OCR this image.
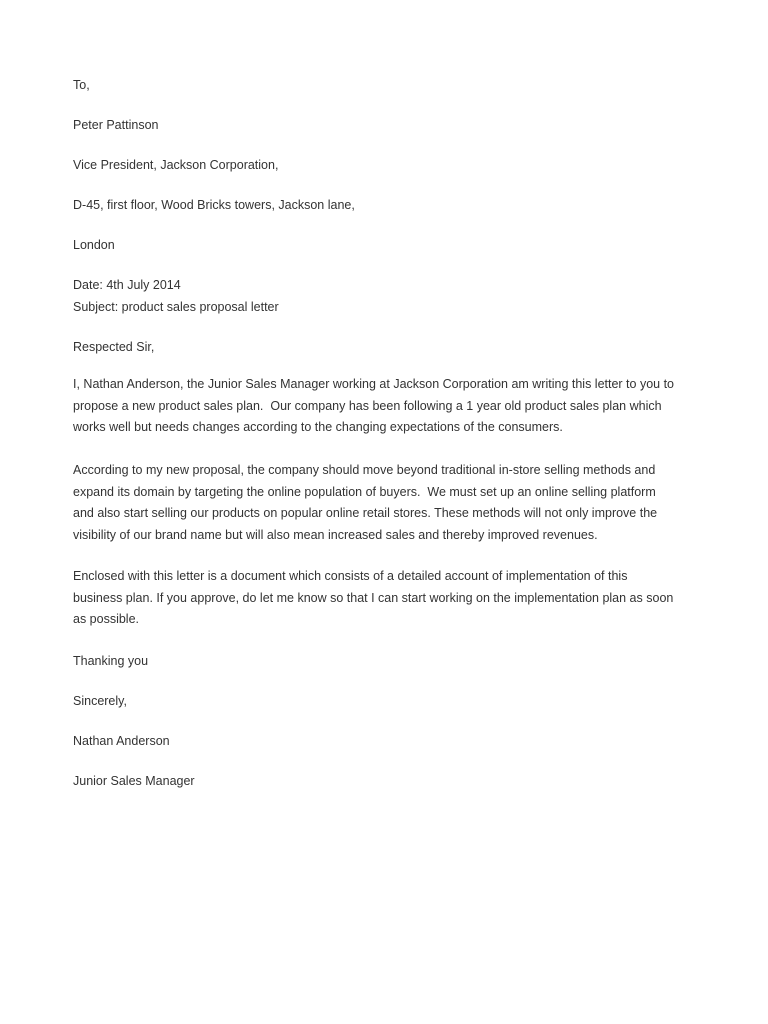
To,
Peter Pattinson
Vice President, Jackson Corporation,
D-45, first floor, Wood Bricks towers, Jackson lane,
London
Date: 4th July 2014
Subject: product sales proposal letter
Respected Sir,
I, Nathan Anderson, the Junior Sales Manager working at Jackson Corporation am writing this letter to you to
propose a new product sales plan.  Our company has been following a 1 year old product sales plan which
works well but needs changes according to the changing expectations of the consumers.
According to my new proposal, the company should move beyond traditional in-store selling methods and
expand its domain by targeting the online population of buyers.  We must set up an online selling platform
and also start selling our products on popular online retail stores. These methods will not only improve the
visibility of our brand name but will also mean increased sales and thereby improved revenues.
Enclosed with this letter is a document which consists of a detailed account of implementation of this
business plan. If you approve, do let me know so that I can start working on the implementation plan as soon
as possible.
Thanking you
Sincerely,
Nathan Anderson
Junior Sales Manager
